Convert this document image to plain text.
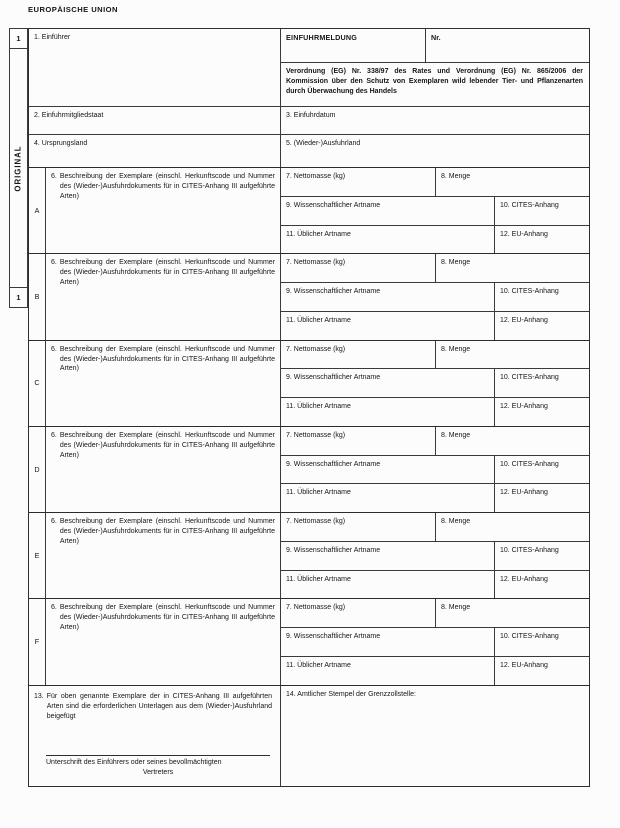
EUROPÄISCHE UNION
1
ORIGINAL
1
1. Einführer	EINFUHRMELDUNG	Nr.
Verordnung (EG) Nr. 338/97 des Rates und Verordnung (EG) Nr. 865/2006 der Kommission über den Schutz von Exemplaren wild lebender Tier- und Pflanzenarten durch Überwachung des Handels
2. Einfuhrmitgliedstaat	3. Einfuhrdatum
4. Ursprungsland	5. (Wieder-)Ausfuhrland
A
6. Beschreibung der Exemplare (einschl. Herkunftscode und Nummer des (Wieder-)Ausfuhrdokuments für in CITES-Anhang III aufgeführte Arten)
7. Nettomasse (kg)	8. Menge
9. Wissenschaftlicher Artname	10. CITES-Anhang
11. Üblicher Artname	12. EU-Anhang
B
6. Beschreibung der Exemplare (einschl. Herkunftscode und Nummer des (Wieder-)Ausfuhrdokuments für in CITES-Anhang III aufgeführte Arten)
7. Nettomasse (kg)	8. Menge
9. Wissenschaftlicher Artname	10. CITES-Anhang
11. Üblicher Artname	12. EU-Anhang
C
6. Beschreibung der Exemplare (einschl. Herkunftscode und Nummer des (Wieder-)Ausfuhrdokuments für in CITES-Anhang III aufgeführte Arten)
7. Nettomasse (kg)	8. Menge
9. Wissenschaftlicher Artname	10. CITES-Anhang
11. Üblicher Artname	12. EU-Anhang
D
6. Beschreibung der Exemplare (einschl. Herkunftscode und Nummer des (Wieder-)Ausfuhrdokuments für in CITES-Anhang III aufgeführte Arten)
7. Nettomasse (kg)	8. Menge
9. Wissenschaftlicher Artname	10. CITES-Anhang
11. Üblicher Artname	12. EU-Anhang
E
6. Beschreibung der Exemplare (einschl. Herkunftscode und Nummer des (Wieder-)Ausfuhrdokuments für in CITES-Anhang III aufgeführte Arten)
7. Nettomasse (kg)	8. Menge
9. Wissenschaftlicher Artname	10. CITES-Anhang
11. Üblicher Artname	12. EU-Anhang
F
6. Beschreibung der Exemplare (einschl. Herkunftscode und Nummer des (Wieder-)Ausfuhrdokuments für in CITES-Anhang III aufgeführte Arten)
7. Nettomasse (kg)	8. Menge
9. Wissenschaftlicher Artname	10. CITES-Anhang
11. Üblicher Artname	12. EU-Anhang
13. Für oben genannte Exemplare der in CITES-Anhang III aufgeführten Arten sind die erforderlichen Unterlagen aus dem (Wieder-)Ausfuhrland beigefügt
Unterschrift des Einführers oder seines bevollmächtigten
Vertreters
14. Amtlicher Stempel der Grenzzollstelle:
